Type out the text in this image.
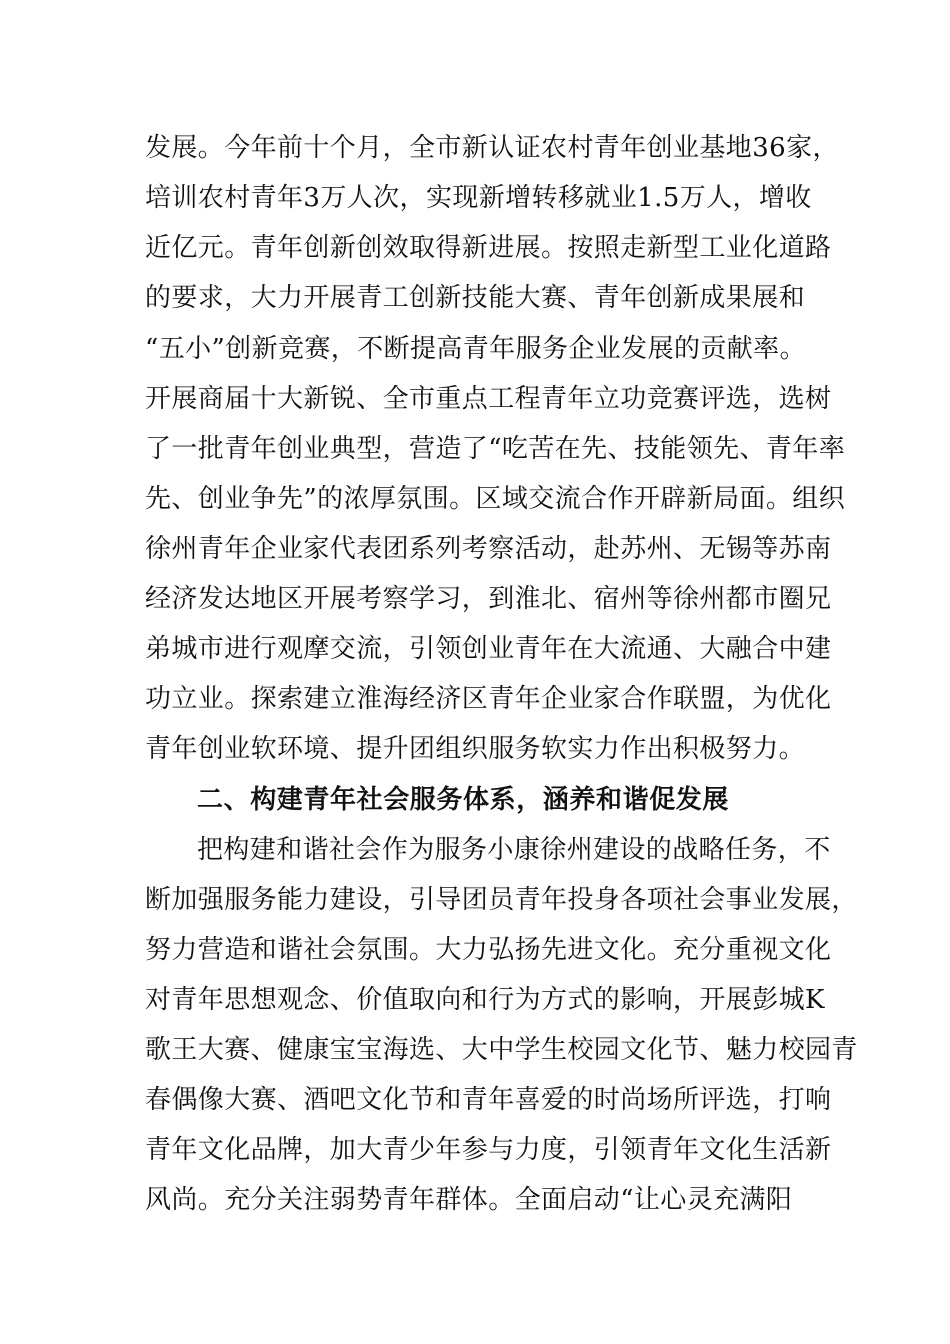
发展。今年前十个月，全市新认证农村青年创业基地36家，
培训农村青年3万人次，实现新增转移就业1.5万人，增收
近亿元。青年创新创效取得新进展。按照走新型工业化道路
的要求，大力开展青工创新技能大赛、青年创新成果展和
“五小”创新竞赛，不断提高青年服务企业发展的贡献率。
开展商届十大新锐、全市重点工程青年立功竞赛评选，选树
了一批青年创业典型，营造了“吃苦在先、技能领先、青年率
先、创业争先”的浓厚氛围。区域交流合作开辟新局面。组织
徐州青年企业家代表团系列考察活动，赴苏州、无锡等苏南
经济发达地区开展考察学习，到淮北、宿州等徐州都市圈兄
弟城市进行观摩交流，引领创业青年在大流通、大融合中建
功立业。探索建立淮海经济区青年企业家合作联盟，为优化
青年创业软环境、提升团组织服务软实力作出积极努力。
二、构建青年社会服务体系，涵养和谐促发展
把构建和谐社会作为服务小康徐州建设的战略任务，不
断加强服务能力建设，引导团员青年投身各项社会事业发展，
努力营造和谐社会氛围。大力弘扬先进文化。充分重视文化
对青年思想观念、价值取向和行为方式的影响，开展彭城K
歌王大赛、健康宝宝海选、大中学生校园文化节、魅力校园青
春偶像大赛、酒吧文化节和青年喜爱的时尚场所评选，打响
青年文化品牌，加大青少年参与力度，引领青年文化生活新
风尚。充分关注弱势青年群体。全面启动“让心灵充满阳
